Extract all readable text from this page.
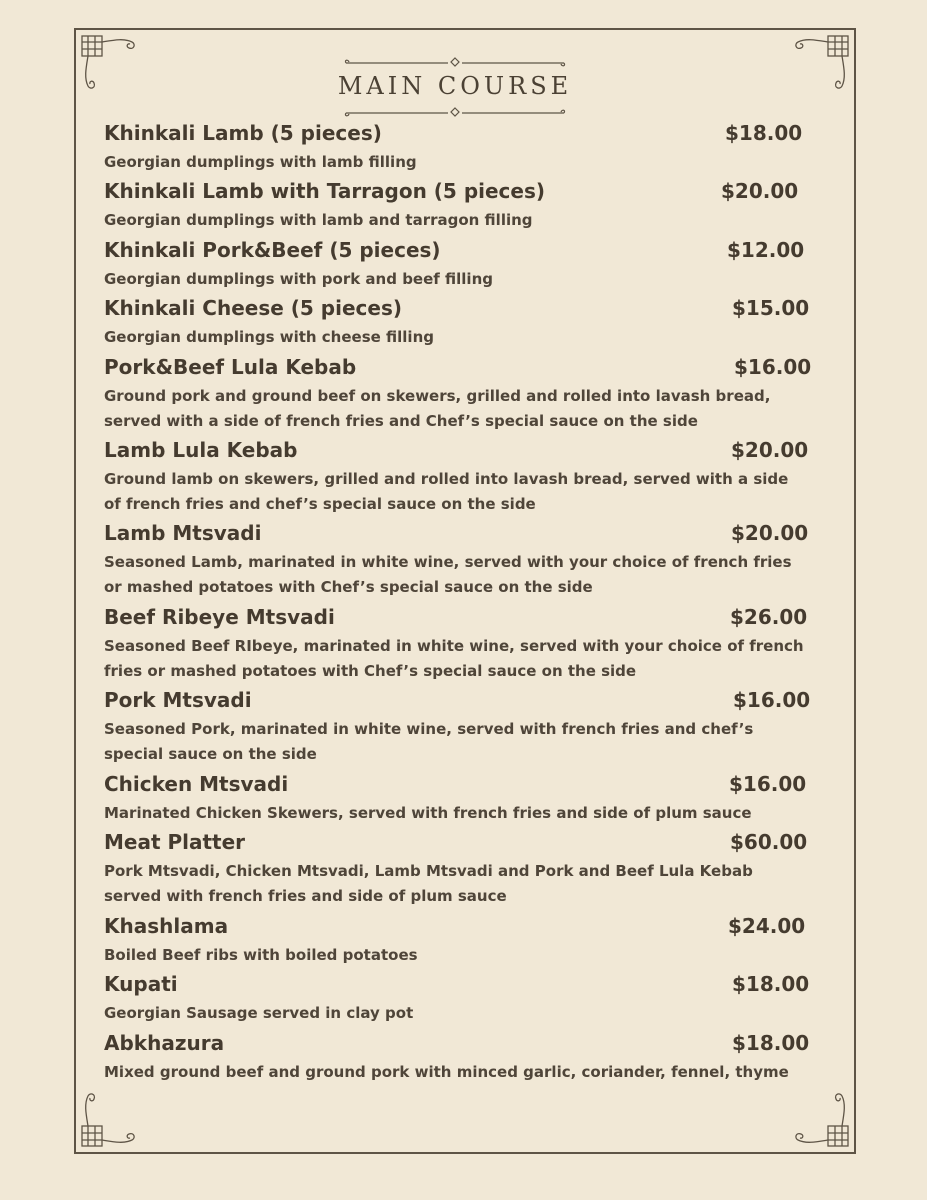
MAIN COURSE
Khinkali Lamb (5 pieces)	$18.00
Georgian dumplings with lamb filling
Khinkali Lamb with Tarragon (5 pieces)	$20.00
Georgian dumplings with lamb and tarragon filling
Khinkali Pork&Beef (5 pieces)	$12.00
Georgian dumplings with pork and beef filling
Khinkali Cheese (5 pieces)	$15.00
Georgian dumplings with cheese filling
Pork&Beef Lula Kebab	$16.00
Ground pork and ground beef on skewers, grilled and rolled into lavash bread, served with a side of french fries and Chef’s special sauce on the side
Lamb Lula Kebab	$20.00
Ground lamb on skewers, grilled and rolled into lavash bread, served with a side of french fries and chef’s special sauce on the side
Lamb Mtsvadi	$20.00
Seasoned Lamb, marinated in white wine, served with your choice of french fries or mashed potatoes with Chef’s special sauce on the side
Beef Ribeye Mtsvadi	$26.00
Seasoned Beef RIbeye, marinated in white wine, served with your choice of french fries or mashed potatoes with Chef’s special sauce on the side
Pork Mtsvadi	$16.00
Seasoned Pork, marinated in white wine, served with french fries and chef’s special sauce on the side
Chicken Mtsvadi	$16.00
Marinated Chicken Skewers, served with french fries and side of plum sauce
Meat Platter	$60.00
Pork Mtsvadi, Chicken Mtsvadi, Lamb Mtsvadi and Pork and Beef Lula Kebab served with french fries and side of plum sauce
Khashlama	$24.00
Boiled Beef ribs with boiled potatoes
Kupati	$18.00
Georgian Sausage served in clay pot
Abkhazura	$18.00
Mixed ground beef and ground pork with minced garlic, coriander, fennel, thyme
